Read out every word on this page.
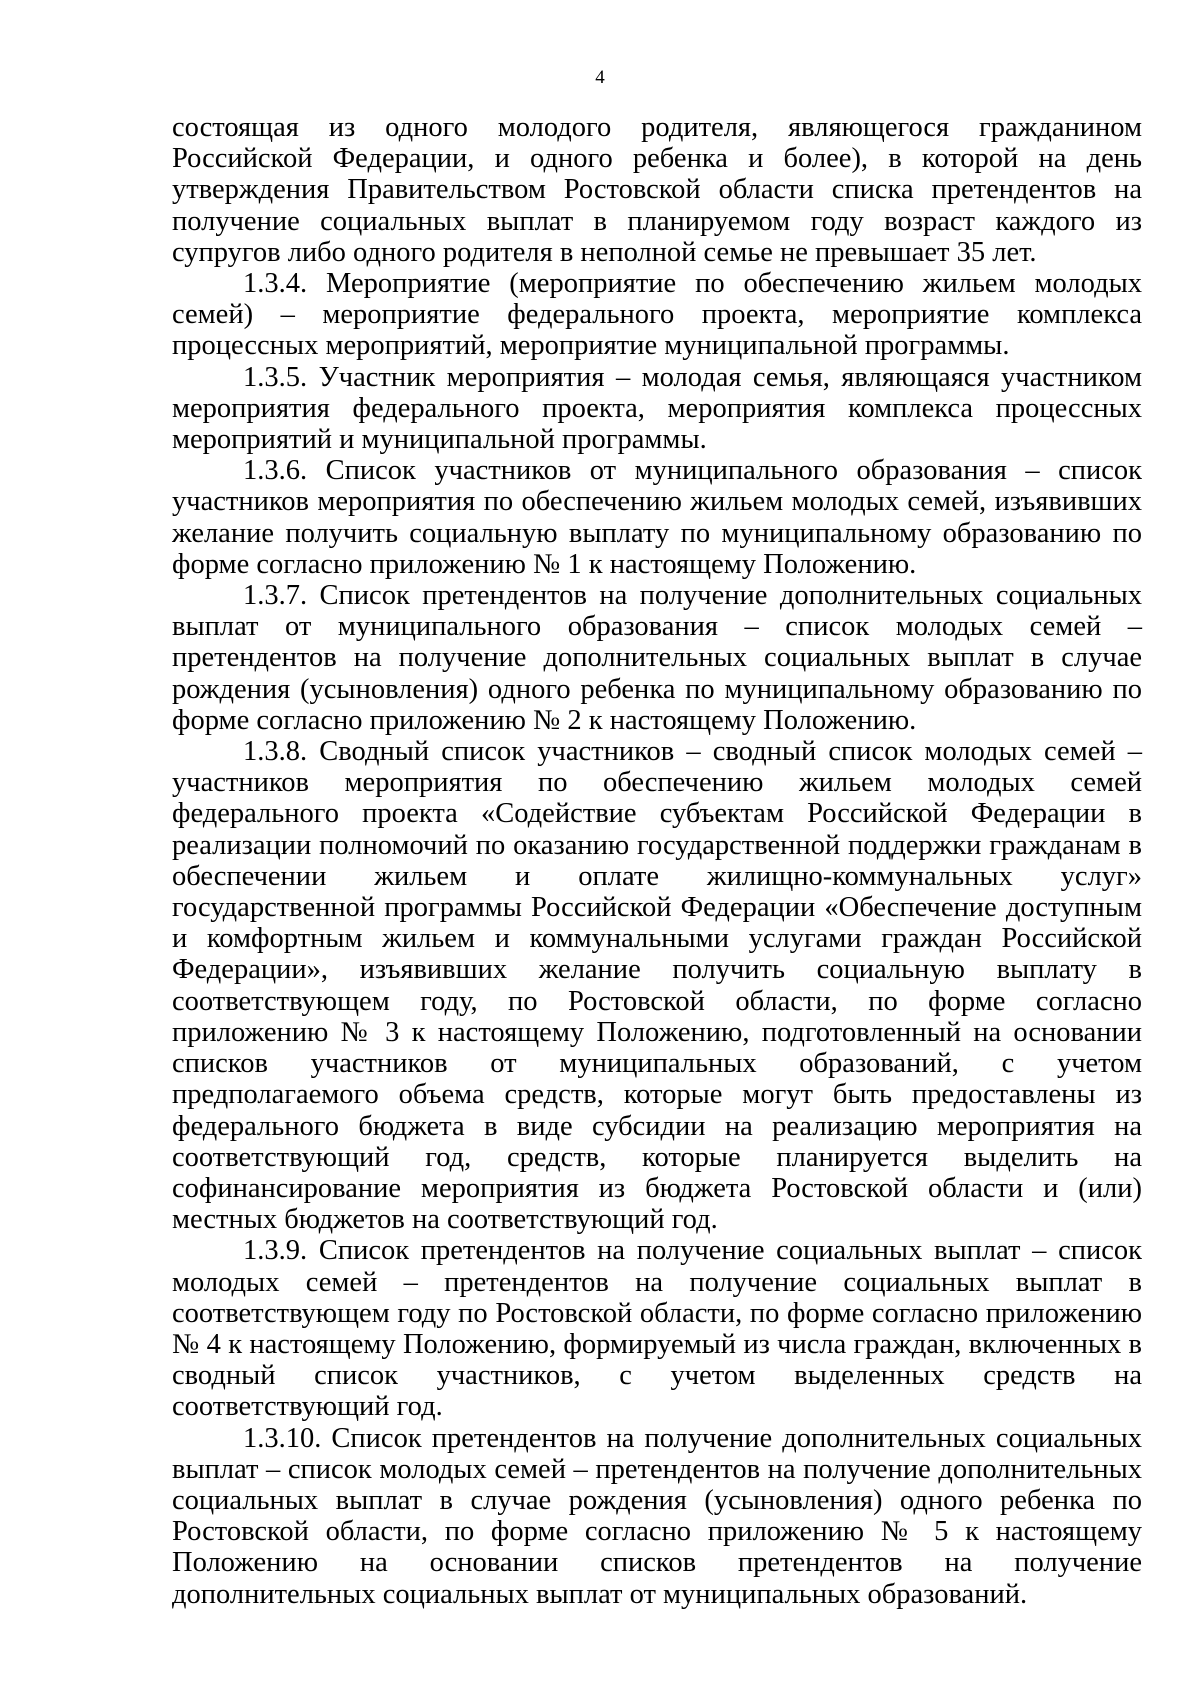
4

состоящая из одного молодого родителя, являющегося гражданином Российской Федерации, и одного ребенка и более), в которой на день утверждения Правительством Ростовской области списка претендентов на получение социальных выплат в планируемом году возраст каждого из супругов либо одного родителя в неполной семье не превышает 35 лет.

1.3.4. Мероприятие (мероприятие по обеспечению жильем молодых семей) – мероприятие федерального проекта, мероприятие комплекса процессных мероприятий, мероприятие муниципальной программы.

1.3.5. Участник мероприятия – молодая семья, являющаяся участником мероприятия федерального проекта, мероприятия комплекса процессных мероприятий и муниципальной программы.

1.3.6. Список участников от муниципального образования – список участников мероприятия по обеспечению жильем молодых семей, изъявивших желание получить социальную выплату по муниципальному образованию по форме согласно приложению № 1 к настоящему Положению.

1.3.7. Список претендентов на получение дополнительных социальных выплат от муниципального образования – список молодых семей – претендентов на получение дополнительных социальных выплат в случае рождения (усыновления) одного ребенка по муниципальному образованию по форме согласно приложению № 2 к настоящему Положению.

1.3.8. Сводный список участников – сводный список молодых семей – участников мероприятия по обеспечению жильем молодых семей федерального проекта «Содействие субъектам Российской Федерации в реализации полномочий по оказанию государственной поддержки гражданам в обеспечении жильем и оплате жилищно-коммунальных услуг» государственной программы Российской Федерации «Обеспечение доступным и комфортным жильем и коммунальными услугами граждан Российской Федерации», изъявивших желание получить социальную выплату в соответствующем году, по Ростовской области, по форме согласно приложению № 3 к настоящему Положению, подготовленный на основании списков участников от муниципальных образований, с учетом предполагаемого объема средств, которые могут быть предоставлены из федерального бюджета в виде субсидии на реализацию мероприятия на соответствующий год, средств, которые планируется выделить на софинансирование мероприятия из бюджета Ростовской области и (или) местных бюджетов на соответствующий год.

1.3.9. Список претендентов на получение социальных выплат – список молодых семей – претендентов на получение социальных выплат в соответствующем году по Ростовской области, по форме согласно приложению № 4 к настоящему Положению, формируемый из числа граждан, включенных в сводный список участников, с учетом выделенных средств на соответствующий год.

1.3.10. Список претендентов на получение дополнительных социальных выплат – список молодых семей – претендентов на получение дополнительных социальных выплат в случае рождения (усыновления) одного ребенка по Ростовской области, по форме согласно приложению № 5 к настоящему Положению на основании списков претендентов на получение дополнительных социальных выплат от муниципальных образований.
